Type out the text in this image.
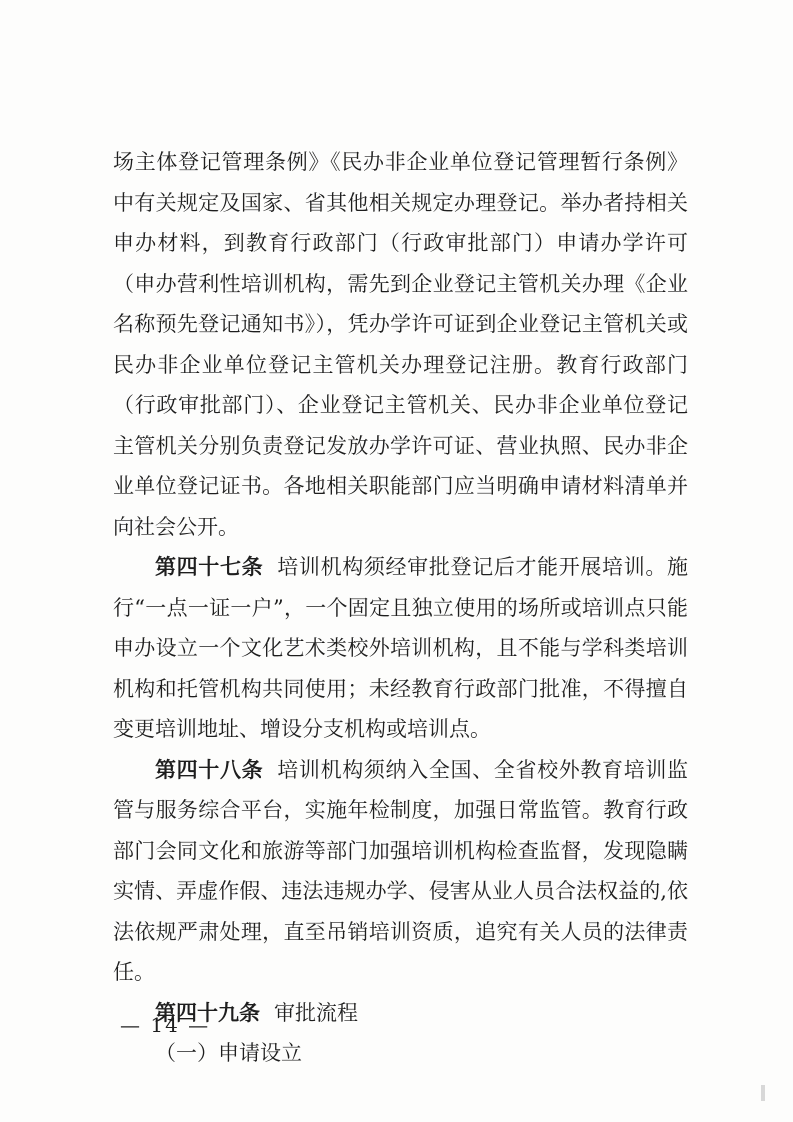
场主体登记管理条例》《民办非企业单位登记管理暂行条例》中有关规定及国家、省其他相关规定办理登记。举办者持相关申办材料，到教育行政部门（行政审批部门）申请办学许可（申办营利性培训机构，需先到企业登记主管机关办理《企业名称预先登记通知书》），凭办学许可证到企业登记主管机关或民办非企业单位登记主管机关办理登记注册。教育行政部门（行政审批部门）、企业登记主管机关、民办非企业单位登记主管机关分别负责登记发放办学许可证、营业执照、民办非企业单位登记证书。各地相关职能部门应当明确申请材料清单并向社会公开。

第四十七条 培训机构须经审批登记后才能开展培训。施行“一点一证一户”，一个固定且独立使用的场所或培训点只能申办设立一个文化艺术类校外培训机构，且不能与学科类培训机构和托管机构共同使用；未经教育行政部门批准，不得擅自变更培训地址、增设分支机构或培训点。

第四十八条 培训机构须纳入全国、全省校外教育培训监管与服务综合平台，实施年检制度，加强日常监管。教育行政部门会同文化和旅游等部门加强培训机构检查监督，发现隐瞒实情、弄虚作假、违法违规办学、侵害从业人员合法权益的,依法依规严肃处理，直至吊销培训资质，追究有关人员的法律责任。

第四十九条 审批流程

（一）申请设立

— 14 —
